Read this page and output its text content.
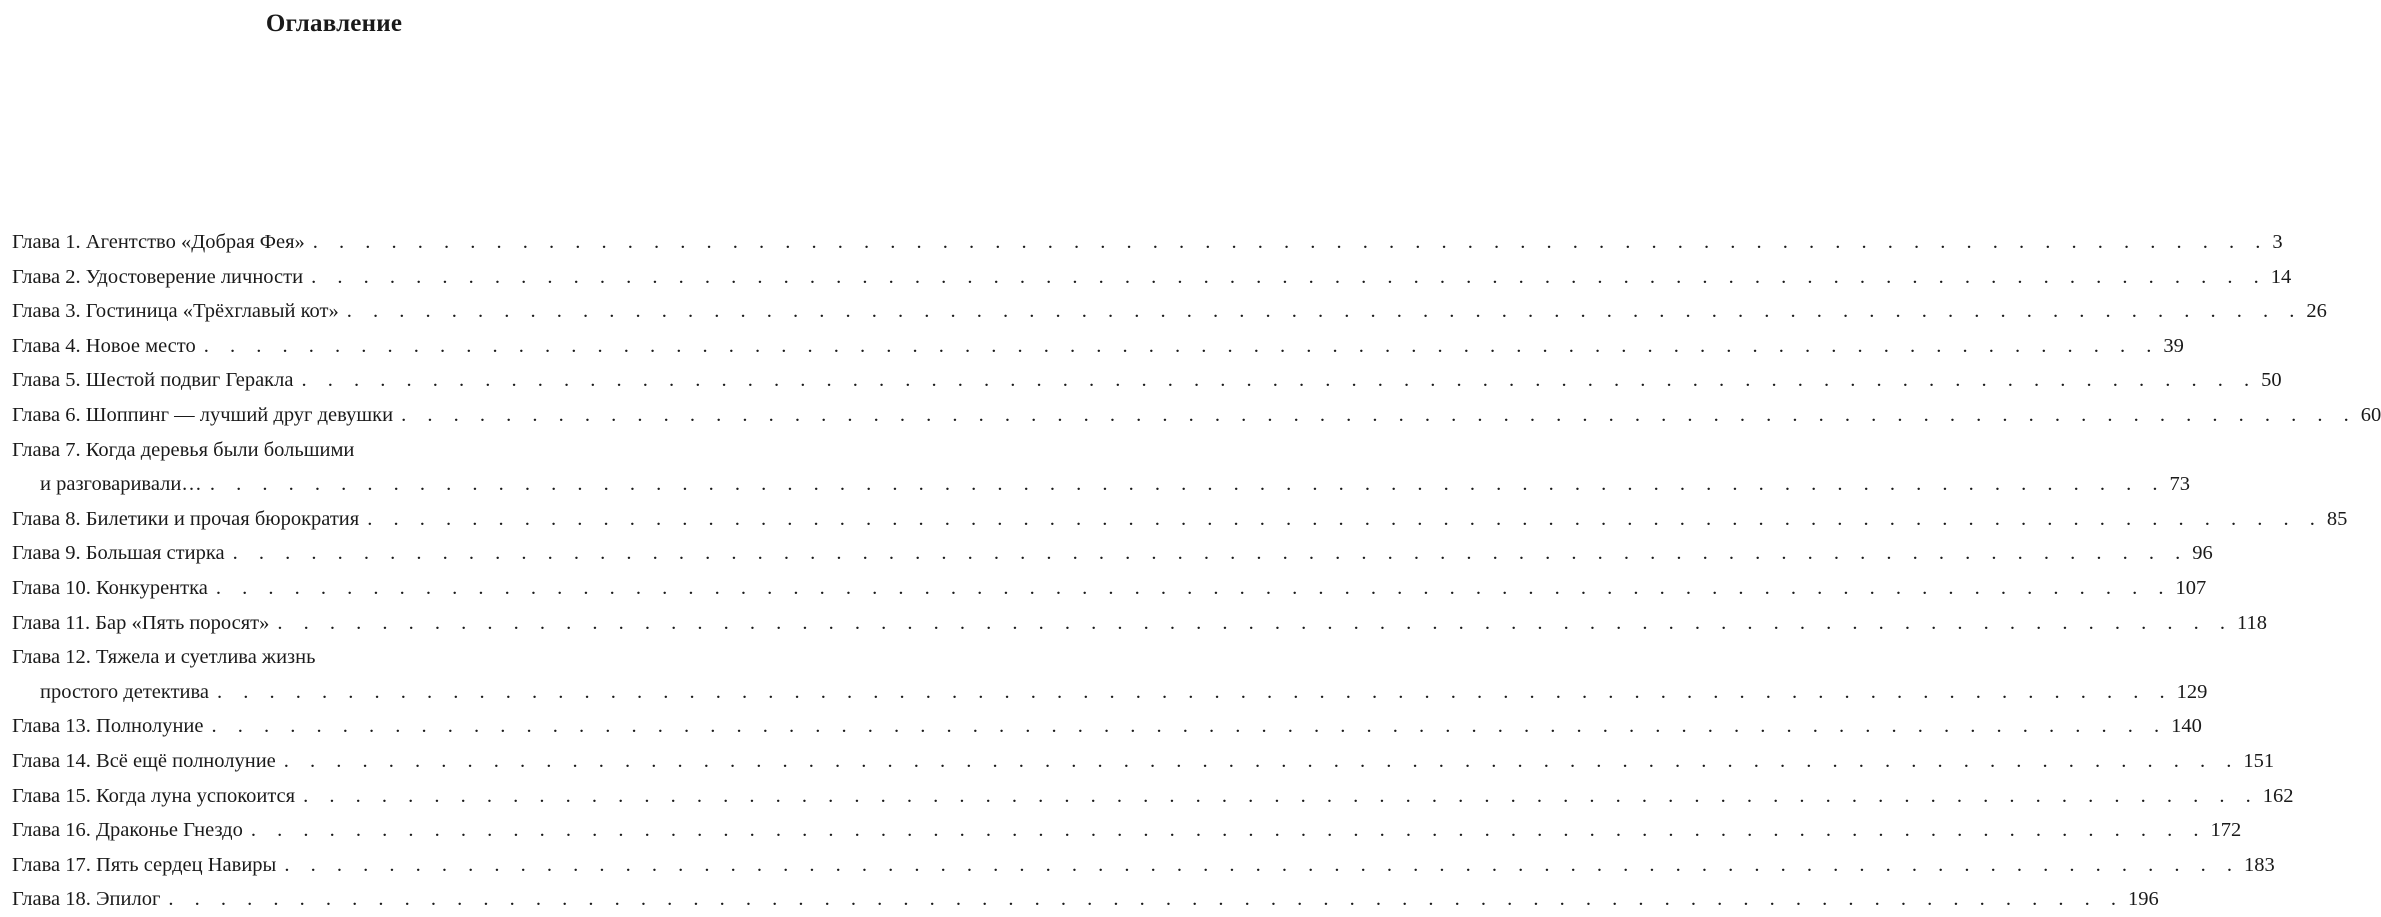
Оглавление
Глава 1. Агентство «Добрая Фея» . . . . . . . . . . . . . . . . . . . . . . . . . . . . . . . . . . . . . . . . . . . . . . . . . . . . . . . . . . . . . . . . . . . . . . . . . . . 3
Глава 2. Удостоверение личности . . . . . . . . . . . . . . . . . . . . . . . . . . . . . . . . . . . . . . . . . . . . . . . . . . . . . . . . . . . . . . . . . . . . . . . . . . . 14
Глава 3. Гостиница «Трёхглавый кот» . . . . . . . . . . . . . . . . . . . . . . . . . . . . . . . . . . . . . . . . . . . . . . . . . . . . . . . . . . . . . . . . . . . . . . . . . . . 26
Глава 4. Новое место . . . . . . . . . . . . . . . . . . . . . . . . . . . . . . . . . . . . . . . . . . . . . . . . . . . . . . . . . . . . . . . . . . . . . . . . . . . 39
Глава 5. Шестой подвиг Геракла . . . . . . . . . . . . . . . . . . . . . . . . . . . . . . . . . . . . . . . . . . . . . . . . . . . . . . . . . . . . . . . . . . . . . . . . . . . 50
Глава 6. Шоппинг — лучший друг девушки . . . . . . . . . . . . . . . . . . . . . . . . . . . . . . . . . . . . . . . . . . . . . . . . . . . . . . . . . . . . . . . . . . . . . . . . . . . 60
Глава 7. Когда деревья были большими
и разговаривали… . . . . . . . . . . . . . . . . . . . . . . . . . . . . . . . . . . . . . . . . . . . . . . . . . . . . . . . . . . . . . . . . . . . . . . . . . . . 73
Глава 8. Билетики и прочая бюрократия . . . . . . . . . . . . . . . . . . . . . . . . . . . . . . . . . . . . . . . . . . . . . . . . . . . . . . . . . . . . . . . . . . . . . . . . . . . 85
Глава 9. Большая стирка . . . . . . . . . . . . . . . . . . . . . . . . . . . . . . . . . . . . . . . . . . . . . . . . . . . . . . . . . . . . . . . . . . . . . . . . . . . 96
Глава 10. Конкурентка . . . . . . . . . . . . . . . . . . . . . . . . . . . . . . . . . . . . . . . . . . . . . . . . . . . . . . . . . . . . . . . . . . . . . . . . . . . 107
Глава 11. Бар «Пять поросят» . . . . . . . . . . . . . . . . . . . . . . . . . . . . . . . . . . . . . . . . . . . . . . . . . . . . . . . . . . . . . . . . . . . . . . . . . . . 118
Глава 12. Тяжела и суетлива жизнь
простого детектива . . . . . . . . . . . . . . . . . . . . . . . . . . . . . . . . . . . . . . . . . . . . . . . . . . . . . . . . . . . . . . . . . . . . . . . . . . . 129
Глава 13. Полнолуние . . . . . . . . . . . . . . . . . . . . . . . . . . . . . . . . . . . . . . . . . . . . . . . . . . . . . . . . . . . . . . . . . . . . . . . . . . . 140
Глава 14. Всё ещё полнолуние . . . . . . . . . . . . . . . . . . . . . . . . . . . . . . . . . . . . . . . . . . . . . . . . . . . . . . . . . . . . . . . . . . . . . . . . . . . 151
Глава 15. Когда луна успокоится . . . . . . . . . . . . . . . . . . . . . . . . . . . . . . . . . . . . . . . . . . . . . . . . . . . . . . . . . . . . . . . . . . . . . . . . . . . 162
Глава 16. Драконье Гнездо . . . . . . . . . . . . . . . . . . . . . . . . . . . . . . . . . . . . . . . . . . . . . . . . . . . . . . . . . . . . . . . . . . . . . . . . . . . 172
Глава 17. Пять сердец Навиры . . . . . . . . . . . . . . . . . . . . . . . . . . . . . . . . . . . . . . . . . . . . . . . . . . . . . . . . . . . . . . . . . . . . . . . . . . . 183
Глава 18. Эпилог . . . . . . . . . . . . . . . . . . . . . . . . . . . . . . . . . . . . . . . . . . . . . . . . . . . . . . . . . . . . . . . . . . . . . . . . . . . 196
